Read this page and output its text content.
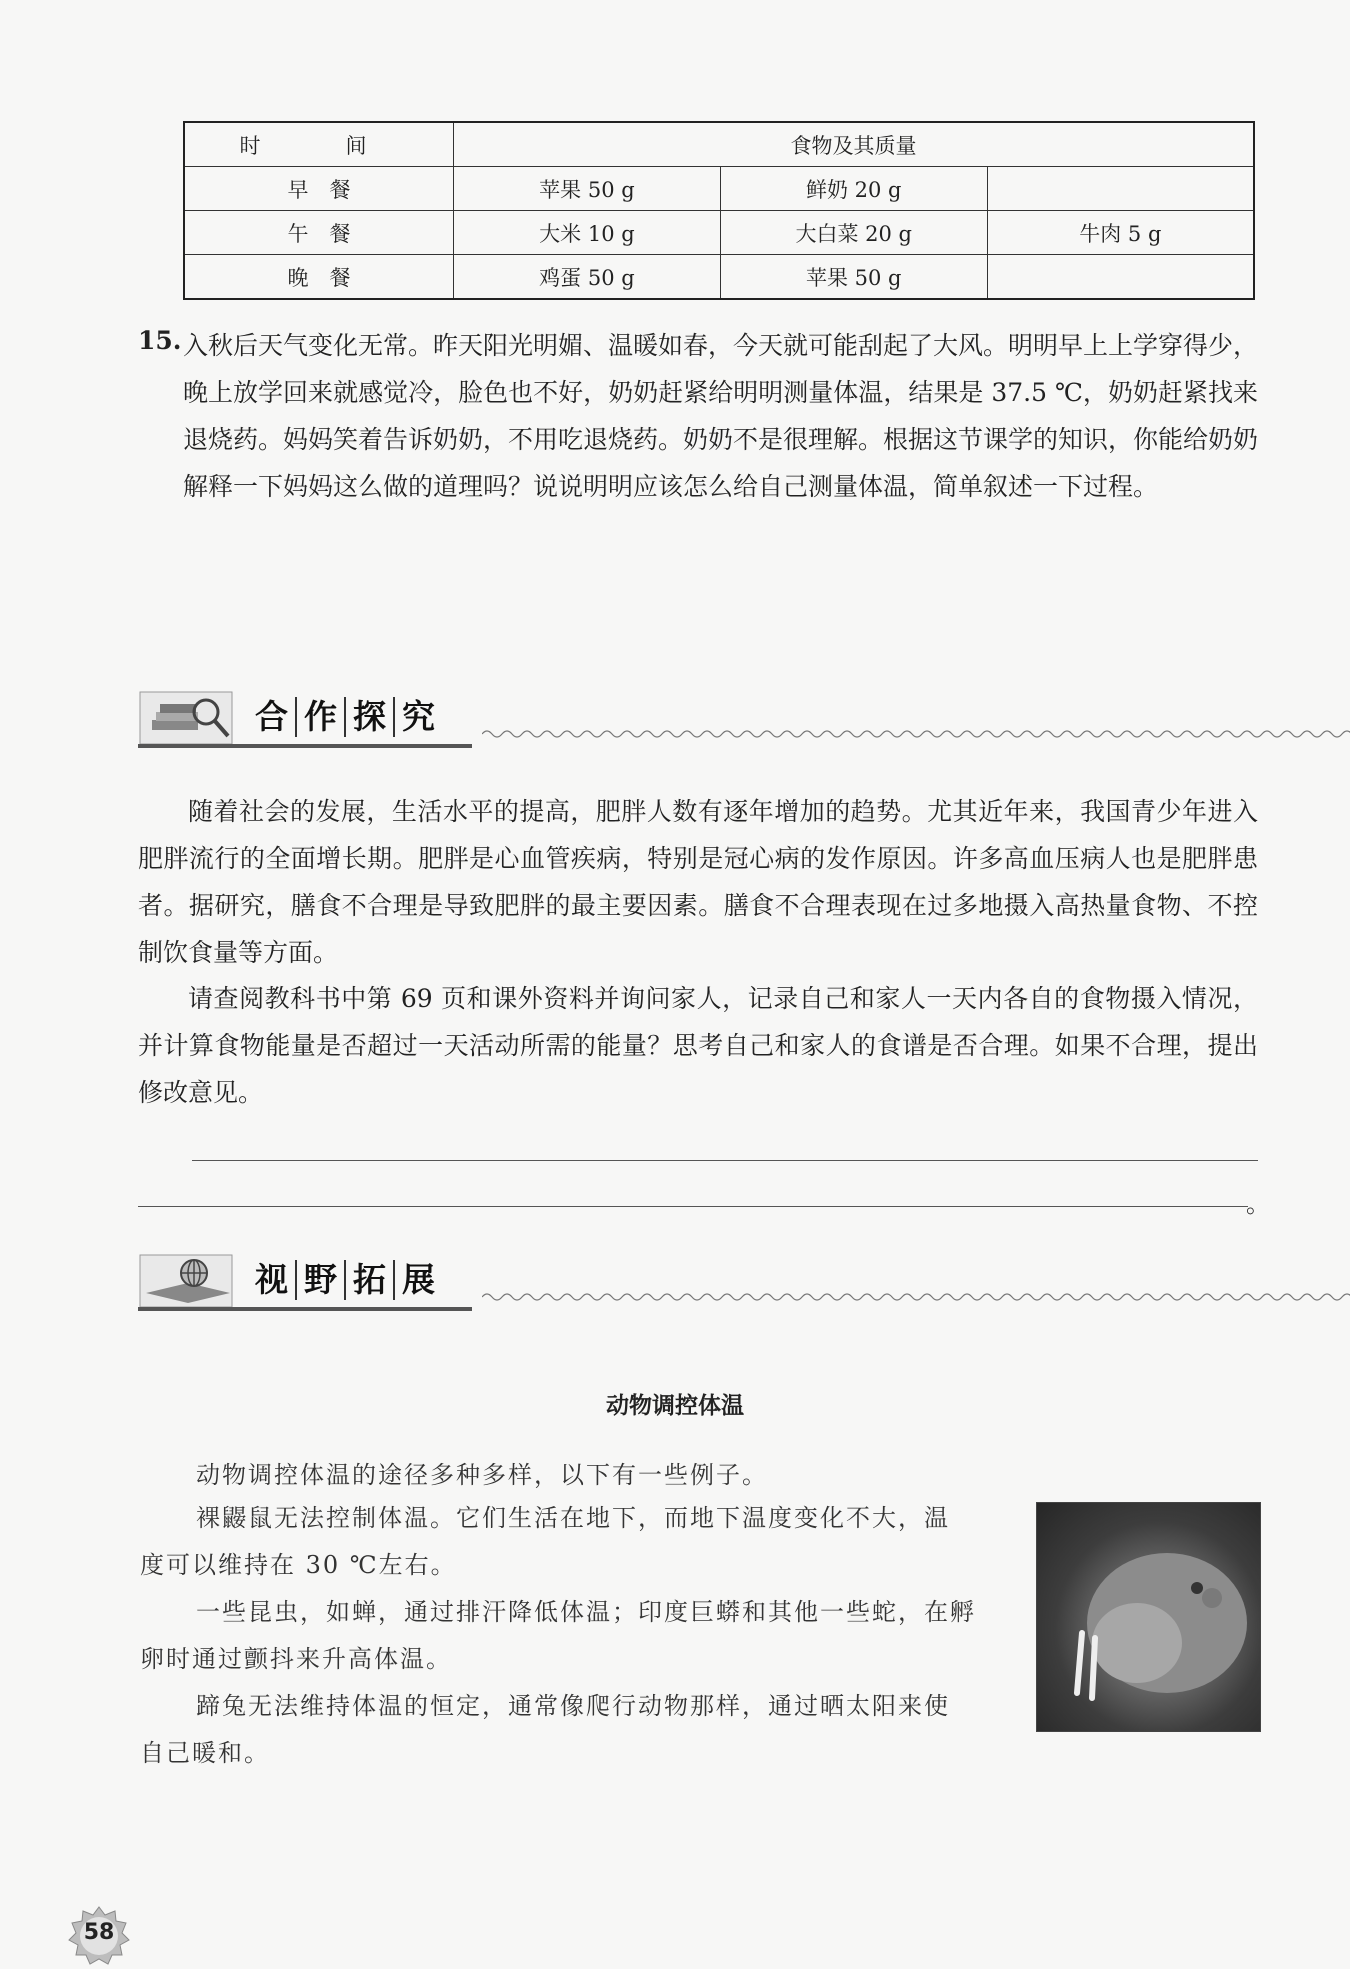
时　间	食物及其质量		
早　餐	苹果 50 g	鲜奶 20 g	
午　餐	大米 10 g	大白菜 20 g	牛肉 5 g
晚　餐	鸡蛋 50 g	苹果 50 g	
15. 入秋后天气变化无常。昨天阳光明媚、温暖如春，今天就可能刮起了大风。明明早上上学穿得少，晚上放学回来就感觉冷，脸色也不好，奶奶赶紧给明明测量体温，结果是 37.5 ℃，奶奶赶紧找来退烧药。妈妈笑着告诉奶奶，不用吃退烧药。奶奶不是很理解。根据这节课学的知识，你能给奶奶解释一下妈妈这么做的道理吗？说说明明应该怎么给自己测量体温，简单叙述一下过程。
合 作 探 究
随着社会的发展，生活水平的提高，肥胖人数有逐年增加的趋势。尤其近年来，我国青少年进入肥胖流行的全面增长期。肥胖是心血管疾病，特别是冠心病的发作原因。许多高血压病人也是肥胖患者。据研究，膳食不合理是导致肥胖的最主要因素。膳食不合理表现在过多地摄入高热量食物、不控制饮食量等方面。
请查阅教科书中第 69 页和课外资料并询问家人，记录自己和家人一天内各自的食物摄入情况，并计算食物能量是否超过一天活动所需的能量？思考自己和家人的食谱是否合理。如果不合理，提出修改意见。
。
视 野 拓 展
动物调控体温
动物调控体温的途径多种多样，以下有一些例子。
裸鼹鼠无法控制体温。它们生活在地下，而地下温度变化不大，温
度可以维持在 30 ℃左右。
一些昆虫，如蝉，通过排汗降低体温；印度巨蟒和其他一些蛇，在孵
卵时通过颤抖来升高体温。
蹄兔无法维持体温的恒定，通常像爬行动物那样，通过晒太阳来使
自己暖和。
58
